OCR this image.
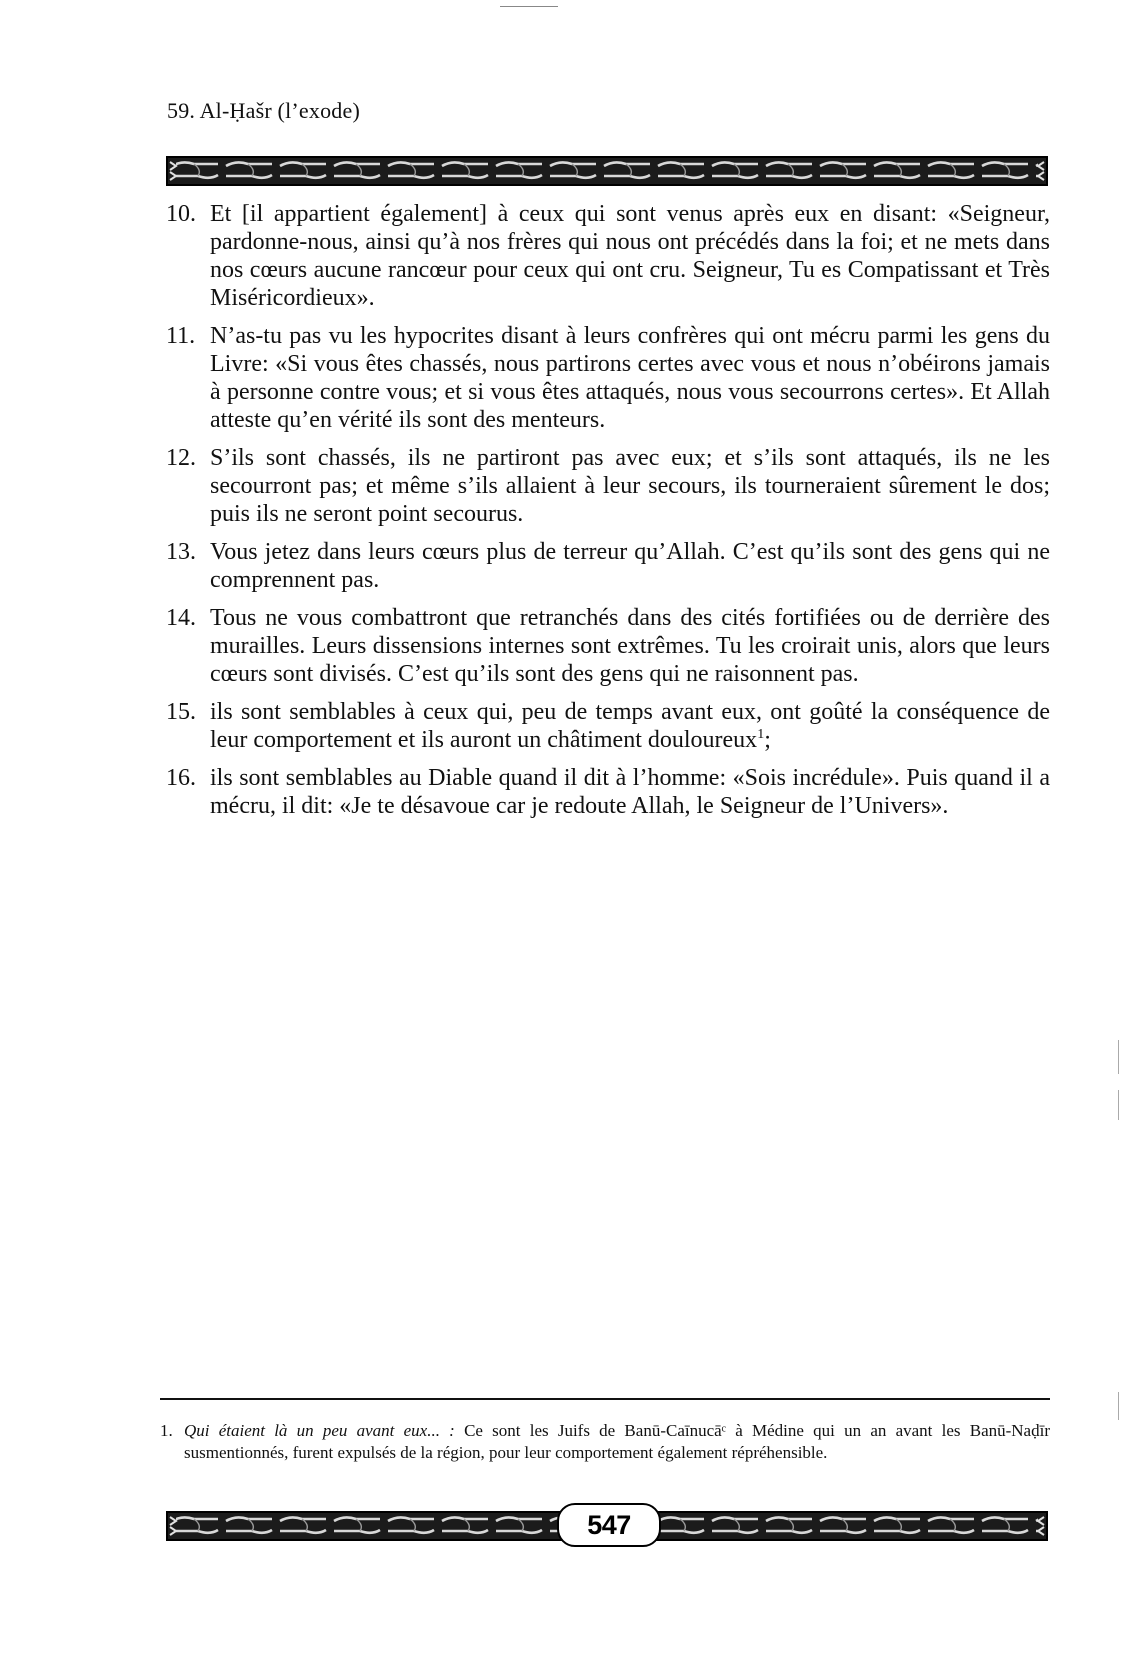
59. Al-Ḥašr (l’exode)
10. Et [il appartient également] à ceux qui sont venus après eux en disant: «Seigneur, pardonne-nous, ainsi qu’à nos frères qui nous ont précédés dans la foi; et ne mets dans nos cœurs aucune rancœur pour ceux qui ont cru. Seigneur, Tu es Compatissant et Très Miséricordieux».
11. N’as-tu pas vu les hypocrites disant à leurs confrères qui ont mécru parmi les gens du Livre: «Si vous êtes chassés, nous partirons certes avec vous et nous n’obéirons jamais à personne contre vous; et si vous êtes attaqués, nous vous secourrons certes». Et Allah atteste qu’en vérité ils sont des menteurs.
12. S’ils sont chassés, ils ne partiront pas avec eux; et s’ils sont attaqués, ils ne les secourront pas; et même s’ils allaient à leur secours, ils tourneraient sûrement le dos; puis ils ne seront point secourus.
13. Vous jetez dans leurs cœurs plus de terreur qu’Allah. C’est qu’ils sont des gens qui ne comprennent pas.
14. Tous ne vous combattront que retranchés dans des cités fortifiées ou de derrière des murailles. Leurs dissensions internes sont extrêmes. Tu les croirait unis, alors que leurs cœurs sont divisés. C’est qu’ils sont des gens qui ne raisonnent pas.
15. ils sont semblables à ceux qui, peu de temps avant eux, ont goûté la conséquence de leur comportement et ils auront un châtiment douloureux$^1$;
16. ils sont semblables au Diable quand il dit à l’homme: «Sois incrédule». Puis quand il a mécru, il dit: «Je te désavoue car je redoute Allah, le Seigneur de l’Univers».
1. Qui étaient là un peu avant eux... : Ce sont les Juifs de Banū-Caīnucāᶜ à Médine qui un an avant les Banū-Naḍīr susmentionnés, furent expulsés de la région, pour leur comportement également répréhensible.
547
